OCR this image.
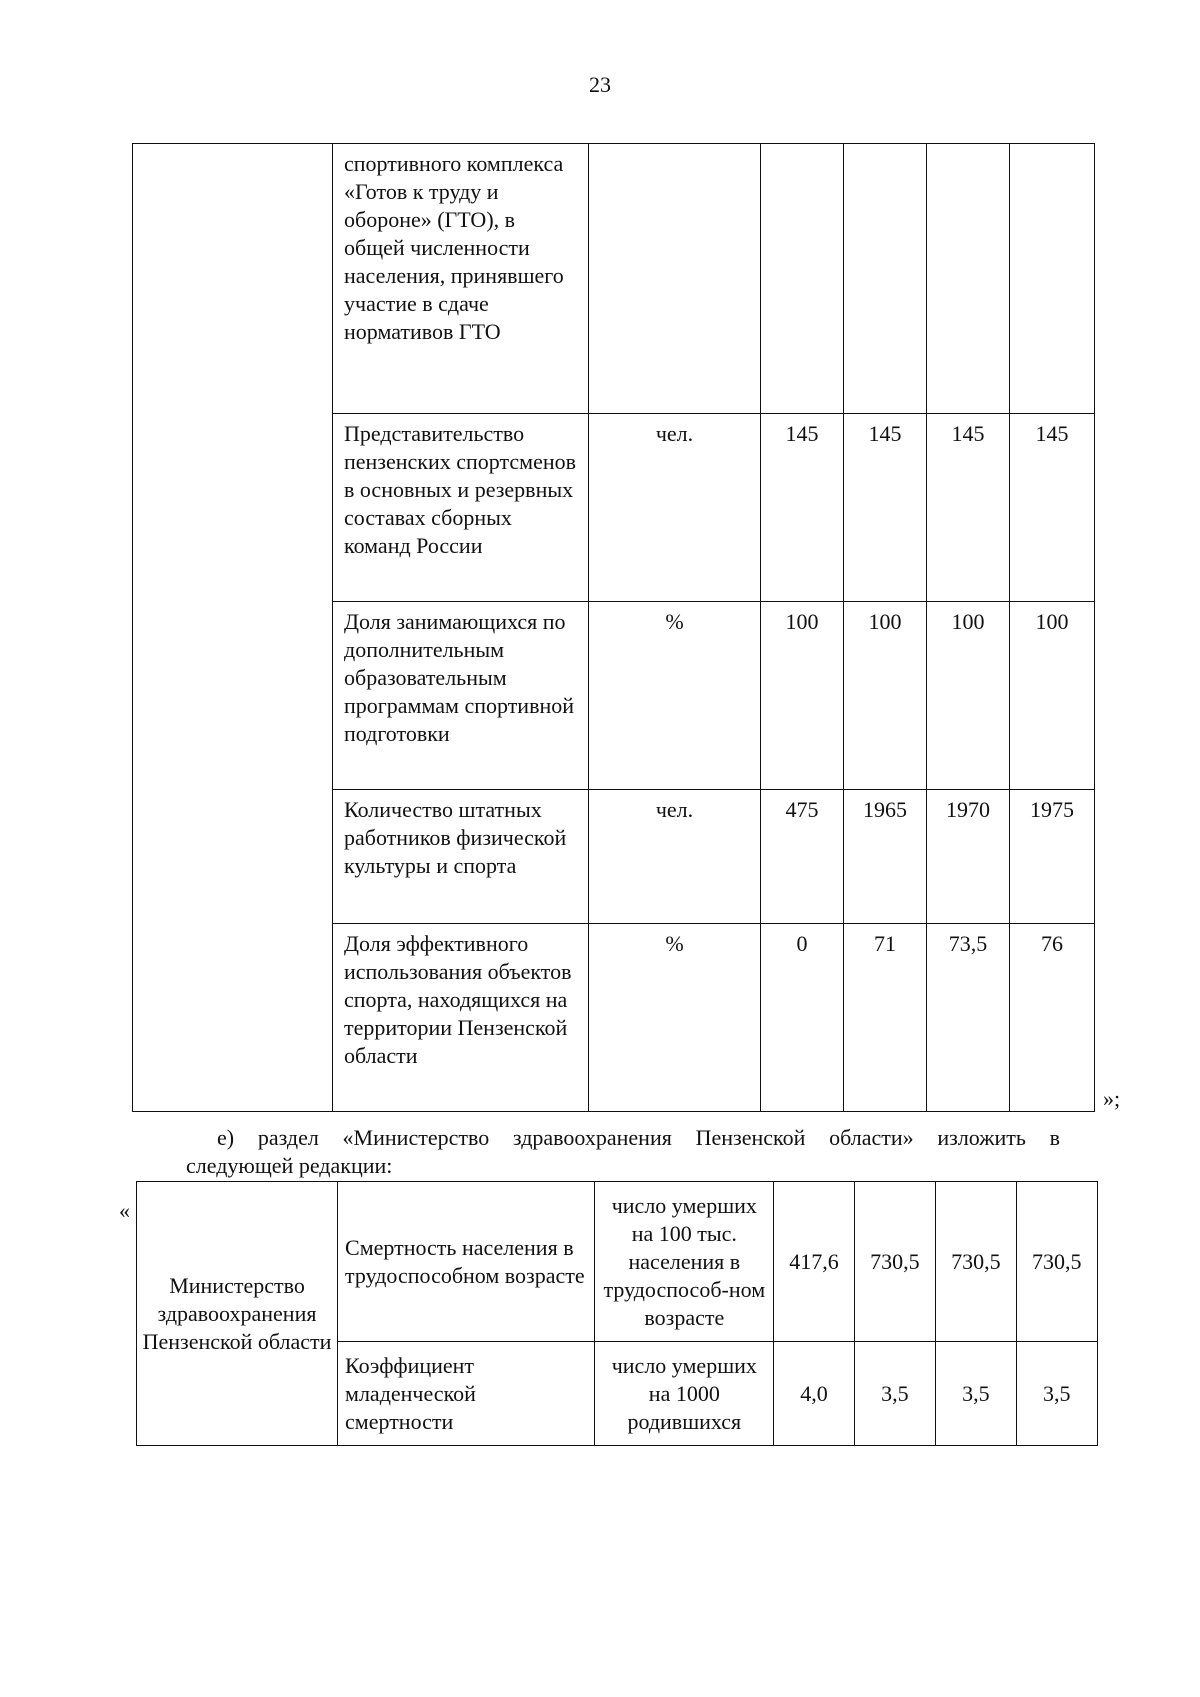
23
	спортивного комплекса «Готов к труду и обороне» (ГТО), в общей численности населения, принявшего участие в сдаче нормативов ГТО					
	Представительство пензенских спортсменов в основных и резервных составах сборных команд России	чел.	145	145	145	145
	Доля занимающихся по дополнительным образовательным программам спортивной подготовки	%	100	100	100	100
	Количество штатных работников физической культуры и спорта	чел.	475	1965	1970	1975
	Доля эффективного использования объектов спорта, находящихся на территории Пензенской области	%	0	71	73,5	76
»;
е) раздел «Министерство здравоохранения Пензенской области» изложить в
следующей редакции:
«
Министерство здравоохранения Пензенской области	Смертность населения в трудоспособном возрасте	число умерших на 100 тыс. населения в трудоспособ-ном возрасте	417,6	730,5	730,5	730,5
	Коэффициент младенческой смертности	число умерших на 1000 родившихся	4,0	3,5	3,5	3,5
